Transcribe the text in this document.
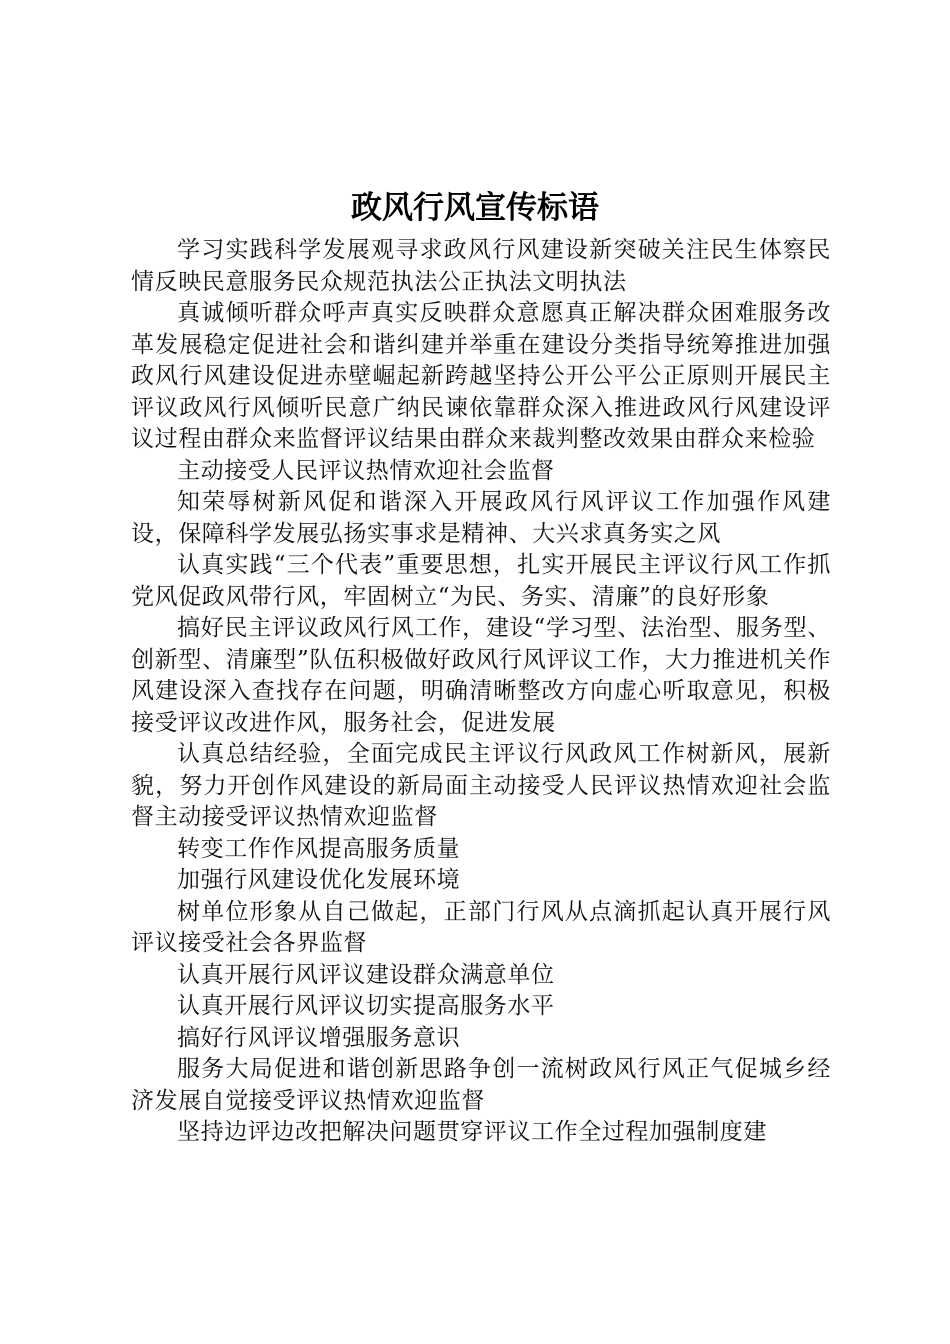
政风行风宣传标语

学习实践科学发展观寻求政风行风建设新突破关注民生体察民情反映民意服务民众规范执法公正执法文明执法

真诚倾听群众呼声真实反映群众意愿真正解决群众困难服务改革发展稳定促进社会和谐纠建并举重在建设分类指导统筹推进加强政风行风建设促进赤壁崛起新跨越坚持公开公平公正原则开展民主评议政风行风倾听民意广纳民谏依靠群众深入推进政风行风建设评议过程由群众来监督评议结果由群众来裁判整改效果由群众来检验

主动接受人民评议热情欢迎社会监督

知荣辱树新风促和谐深入开展政风行风评议工作加强作风建设，保障科学发展弘扬实事求是精神、大兴求真务实之风

认真实践“三个代表”重要思想，扎实开展民主评议行风工作抓党风促政风带行风，牢固树立“为民、务实、清廉”的良好形象

搞好民主评议政风行风工作，建设“学习型、法治型、服务型、创新型、清廉型”队伍积极做好政风行风评议工作，大力推进机关作风建设深入查找存在问题，明确清晰整改方向虚心听取意见，积极接受评议改进作风，服务社会，促进发展

认真总结经验，全面完成民主评议行风政风工作树新风，展新貌，努力开创作风建设的新局面主动接受人民评议热情欢迎社会监督主动接受评议热情欢迎监督

转变工作作风提高服务质量

加强行风建设优化发展环境

树单位形象从自己做起，正部门行风从点滴抓起认真开展行风评议接受社会各界监督

认真开展行风评议建设群众满意单位

认真开展行风评议切实提高服务水平

搞好行风评议增强服务意识

服务大局促进和谐创新思路争创一流树政风行风正气促城乡经济发展自觉接受评议热情欢迎监督

坚持边评边改把解决问题贯穿评议工作全过程加强制度建
